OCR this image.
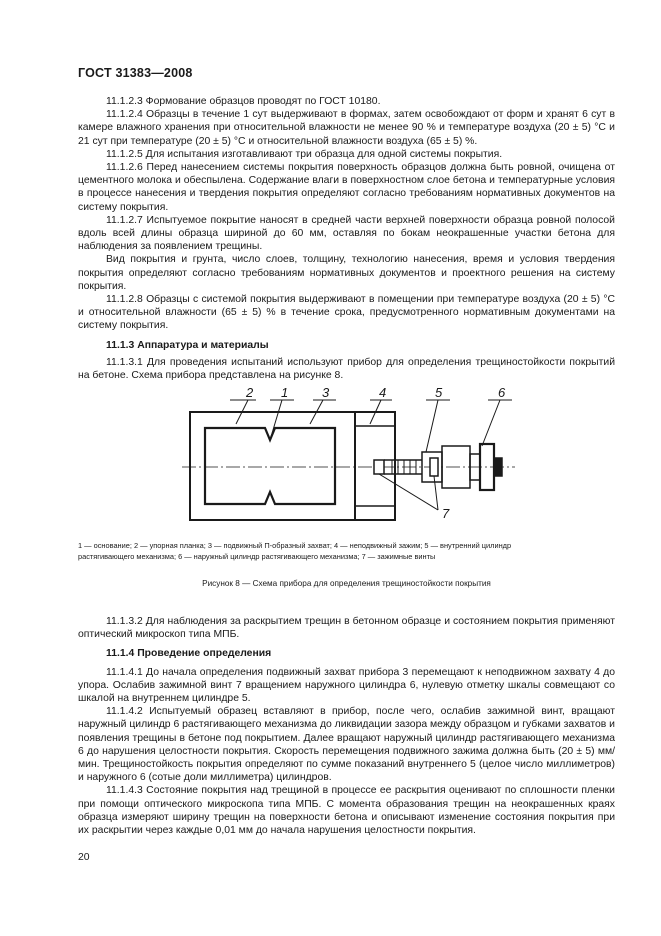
ГОСТ 31383—2008

11.1.2.3 Формование образцов проводят по ГОСТ 10180.

11.1.2.4 Образцы в течение 1 сут выдерживают в формах, затем освобождают от форм и хранят 6 сут в камере влажного хранения при относительной влажности не менее 90 % и температуре воздуха (20 ± 5) °С и 21 сут при температуре (20 ± 5) °С и относительной влажности воздуха (65 ± 5) %.

11.1.2.5 Для испытания изготавливают три образца для одной системы покрытия.

11.1.2.6 Перед нанесением системы покрытия поверхность образцов должна быть ровной, очищена от цементного молока и обеспылена. Содержание влаги в поверхностном слое бетона и температурные условия в процессе нанесения и твердения покрытия определяют согласно требованиям нормативных документов на систему покрытия.

11.1.2.7 Испытуемое покрытие наносят в средней части верхней поверхности образца ровной полосой вдоль всей длины образца шириной до 60 мм, оставляя по бокам неокрашенные участки бетона для наблюдения за появлением трещины.

Вид покрытия и грунта, число слоев, толщину, технологию нанесения, время и условия твердения покрытия определяют согласно требованиям нормативных документов и проектного решения на систему покрытия.

11.1.2.8 Образцы с системой покрытия выдерживают в помещении при температуре воздуха (20 ± 5) °С и относительной влажности (65 ± 5) % в течение срока, предусмотренного нормативным документами на систему покрытия.

11.1.3 Аппаратура и материалы

11.1.3.1 Для проведения испытаний используют прибор для определения трещиностойкости покрытий на бетоне. Схема прибора представлена на рисунке 8.

2 1	3	4	5	6
7
1 — основание; 2 — упорная планка; 3 — подвижный П-образный захват; 4 — неподвижный зажим; 5 — внутренний цилиндр
растягивающего механизма; 6 — наружный цилиндр растягивающего механизма; 7 — зажимные винты
Рисунок 8 — Схема прибора для определения трещиностойкости покрытия

11.1.3.2 Для наблюдения за раскрытием трещин в бетонном образце и состоянием покрытия применяют оптический микроскоп типа МПБ.

11.1.4 Проведение определения

11.1.4.1 До начала определения подвижный захват прибора 3 перемещают к неподвижном захвату 4 до упора. Ослабив зажимной винт 7 вращением наружного цилиндра 6, нулевую отметку шкалы совмещают со шкалой на внутреннем цилиндре 5.

11.1.4.2 Испытуемый образец вставляют в прибор, после чего, ослабив зажимной винт, вращают наружный цилиндр 6 растягивающего механизма до ликвидации зазора между образцом и губками захватов и появления трещины в бетоне под покрытием. Далее вращают наружный цилиндр растягивающего механизма 6 до нарушения целостности покрытия. Скорость перемещения подвижного зажима должна быть (20 ± 5) мм/мин. Трещиностойкость покрытия определяют по сумме показаний внутреннего 5 (целое число миллиметров) и наружного 6 (сотые доли миллиметра) цилиндров.

11.1.4.3 Состояние покрытия над трещиной в процессе ее раскрытия оценивают по сплошности пленки при помощи оптического микроскопа типа МПБ. С момента образования трещин на неокрашенных краях образца измеряют ширину трещин на поверхности бетона и описывают изменение состояния покрытия при их раскрытии через каждые 0,01 мм до начала нарушения целостности покрытия.

20
